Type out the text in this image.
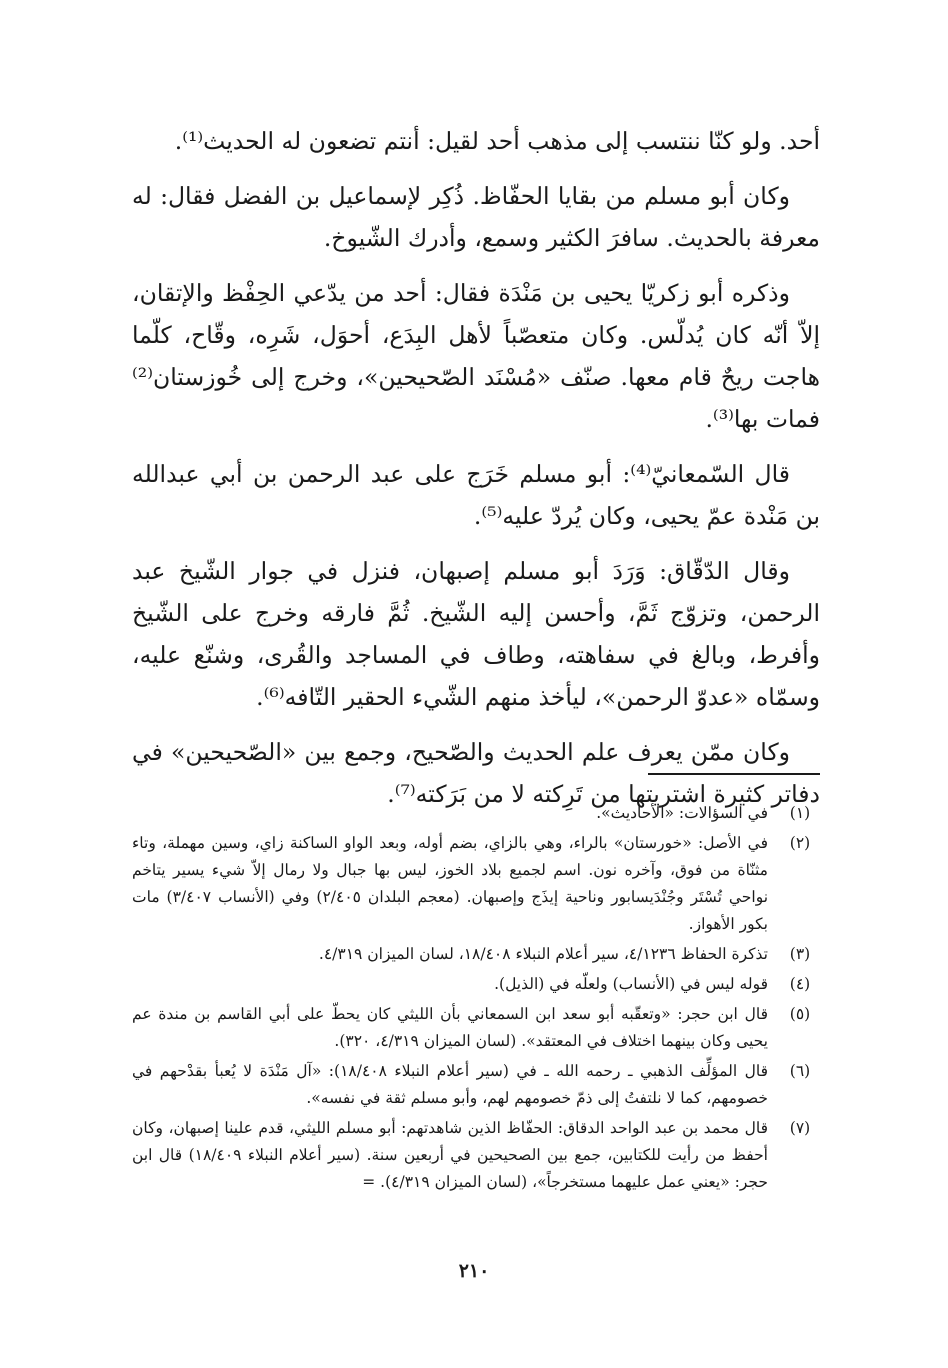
أحد. ولو كنّا ننتسب إلى مذهب أحد لقيل: أنتم تضعون له الحديث⁽¹⁾.

وكان أبو مسلم من بقايا الحفّاظ. ذُكِر لإسماعيل بن الفضل فقال: له معرفة بالحديث. سافرَ الكثير وسمع، وأدرك الشّيوخ.

وذكره أبو زكريّا يحيى بن مَنْدَة فقال: أحد من يدّعي الحِفْظ والإتقان، إلاّ أنّه كان يُدلّس. وكان متعصّباً لأهل البِدَع، أحوَل، شَرِه، وقّاح، كلّما هاجت ريحٌ قام معها. صنّف «مُسْنَد الصّحيحين»، وخرج إلى خُوزستان⁽²⁾ فمات بها⁽³⁾.

قال السّمعانيّ⁽⁴⁾: أبو مسلم خَرَج على عبد الرحمن بن أبي عبدالله بن مَنْدة عمّ يحيى، وكان يُردّ عليه⁽⁵⁾.

وقال الدّقّاق: وَرَدَ أبو مسلم إصبهان، فنزل في جوار الشّيخ عبد الرحمن، وتزوّج ثَمَّ، وأحسن إليه الشّيخ. ثُمَّ فارقه وخرج على الشّيخ وأفرط، وبالغ في سفاهته، وطاف في المساجد والقُرى، وشنّع عليه، وسمّاه «عدوّ الرحمن»، ليأخذ منهم الشّيء الحقير التّافه⁽⁶⁾.

وكان ممّن يعرف علم الحديث والصّحيح، وجمع بين «الصّحيحين» في دفاتر كثيرة اشتريتها من تَرِكته لا من بَرَكته⁽⁷⁾.

(١)
في السؤالات: «الأحاديث».
(٢)
في الأصل: «خورستان» بالراء، وهي بالزاي، بضم أوله، وبعد الواو الساكنة زاي، وسين مهملة، وتاء مثنّاة من فوق، وآخره نون. اسم لجميع بلاد الخوز، ليس بها جبال ولا رمال إلاّ شيء يسير يتاخم نواحي تُسْتَر وجُنْدَيسابور وناحية إيذَج وإصبهان. (معجم البلدان ٢/٤٠٥) وفي (الأنساب ٣/٤٠٧) مات بكور الأهواز.
(٣)
تذكرة الحفاظ ٤/١٢٣٦، سير أعلام النبلاء ١٨/٤٠٨، لسان الميزان ٤/٣١٩.
(٤)
قوله ليس في (الأنساب) ولعلّه في (الذيل).
(٥)
قال ابن حجر: «وتعقّبه أبو سعد ابن السمعاني بأن الليثي كان يحطّ على أبي القاسم بن مندة عم يحيى وكان بينهما اختلاف في المعتقد». (لسان الميزان ٤/٣١٩، ٣٢٠).
(٦)
قال المؤلِّف الذهبي ـ رحمه الله ـ في (سير أعلام النبلاء ١٨/٤٠٨): «آل مَنْدَة لا يُعبأ بقدْحهم في خصومهم، كما لا نلتفتُ إلى ذمّ خصومهم لهم، وأبو مسلم ثقة في نفسه».
(٧)
قال محمد بن عبد الواحد الدقاق: الحفّاظ الذين شاهدتهم: أبو مسلم الليثي، قدم علينا إصبهان، وكان أحفظ من رأيت للكتابين، جمع بين الصحيحين في أربعين سنة. (سير أعلام النبلاء ١٨/٤٠٩) قال ابن حجر: «يعني عمل عليهما مستخرجاً»، (لسان الميزان ٤/٣١٩). =
٢١٠
